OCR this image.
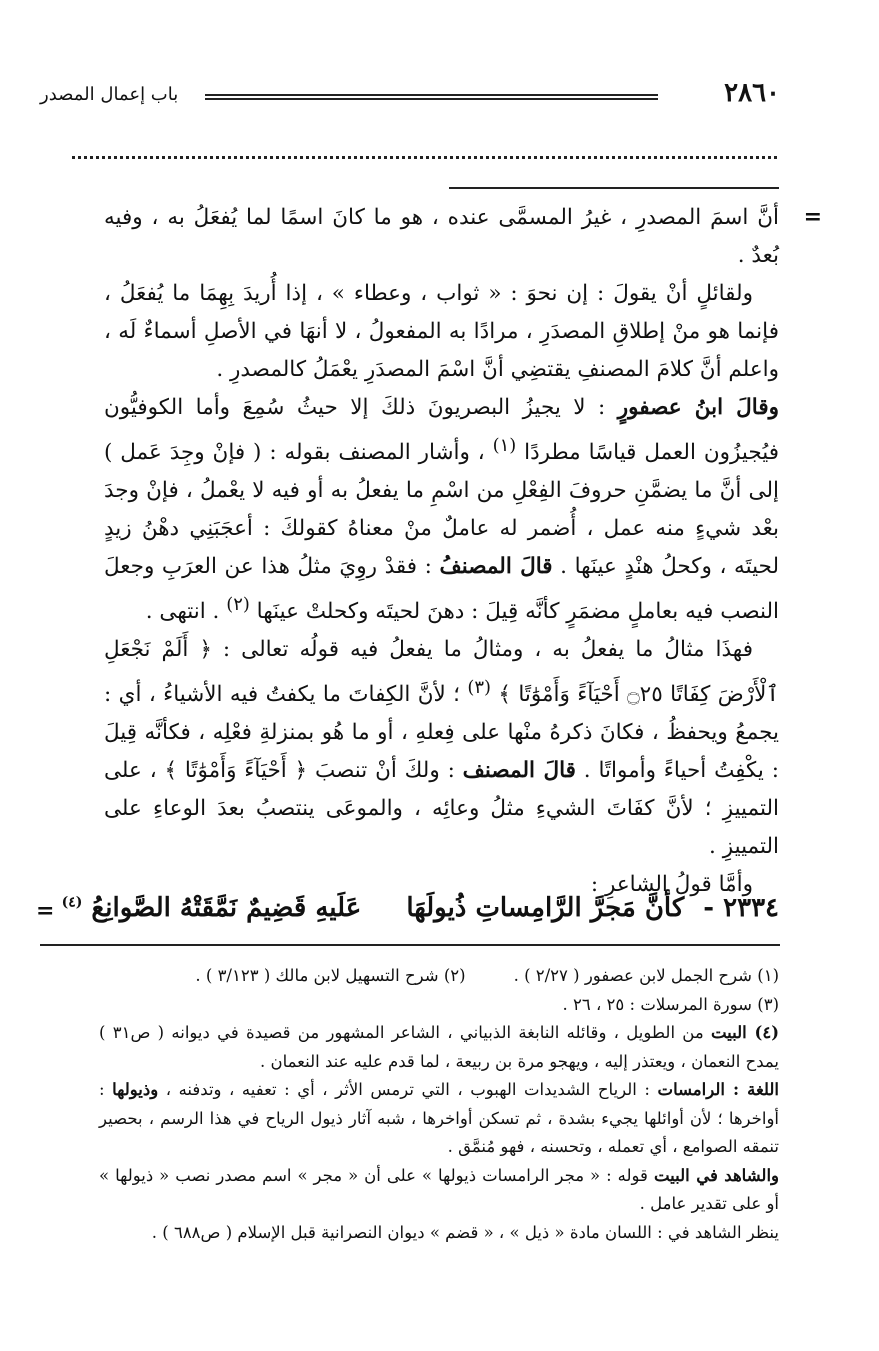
٢٨٦٠
باب إعمال المصدر
=

أنَّ اسمَ المصدرِ ، غيرُ المسمَّى عنده ، هو ما كانَ اسمًا لما يُفعَلُ به ، وفيه بُعدٌ .

ولقائلٍ أنْ يقولَ : إن نحوَ : « ثواب ، وعطاء » ، إذا أُريدَ بِهِمَا ما يُفعَلُ ، فإنما هو منْ إطلاقِ المصدَرِ ، مرادًا به المفعولُ ، لا أنهَا في الأصلِ أسماءٌ لَه ، واعلم أنَّ كلامَ المصنفِ يقتضِي أنَّ اسْمَ المصدَرِ يعْمَلُ كالمصدرِ .

وقالَ ابنُ عصفورٍ : لا يجيزُ البصريونَ ذلكَ إلا حيثُ سُمِعَ وأما الكوفيُّون فيُجيزُون العمل قياسًا مطردًا $^{(١)}$ ، وأشار المصنف بقوله : ( فإنْ وجِدَ عَمل ) إلى أنَّ ما يضمَّنِ حروفَ الفِعْلِ من اسْمِ ما يفعلُ به أو فيه لا يعْملُ ، فإنْ وجدَ بعْد شيءٍ منه عمل ، أُضمر له عاملٌ منْ معناهُ كقولكَ : أعجَبَنِي دهْنُ زيدٍ لحيتَه ، وكحلُ هنْدٍ عينَها . قالَ المصنفُ : فقدْ روِيَ مثلُ هذا عن العرَبِ وجعلَ النصب فيه بعاملٍ مضمَرٍ كأنَّه قِيلَ : دهنَ لحيتَه وكحلتْ عينَها $^{(٢)}$ . انتهى .

فهذَا مثالُ ما يفعلُ به ، ومثالُ ما يفعلُ فيه قولُه تعالى : ﴿ أَلَمْ نَجْعَلِ ٱلْأَرْضَ كِفَاتًا ۝٢٥ أَحْيَآءً وَأَمْوَٰتًا ﴾ $^{(٣)}$ ؛ لأنَّ الكِفاتَ ما يكفتُ فيه الأشياءُ ، أي : يجمعُ ويحفظُ ، فكانَ ذكرهُ منْها على فِعلهِ ، أو ما هُو بمنزلةِ فعْلِه ، فكأنَّه قِيلَ : يكْفِتُ أحياءً وأمواتًا . قالَ المصنف : ولكَ أنْ تنصبَ ﴿ أَحْيَآءً وَأَمْوَٰتًا ﴾ ، على التمييزِ ؛ لأنَّ كفَاتَ الشيءِ مثلُ وعائِه ، والموعَى ينتصبُ بعدَ الوعاءِ على التمييزِ .

وأمَّا قولُ الشاعرِ :

٢٣٣٤ - كأنَّ مَجرَّ الرَّامِساتِ ذُيولَهَا عَلَيهِ قَضِيمٌ نَمَّقَتْهُ الصَّوانِعُ $^{(٤)}$
=
(١) شرح الجمل لابن عصفور ( ٢/٢٧ ) .
(٢) شرح التسهيل لابن مالك ( ٣/١٢٣ ) .

(٣) سورة المرسلات : ٢٥ ، ٢٦ .

(٤) البيت من الطويل ، وقائله النابغة الذبياني ، الشاعر المشهور من قصيدة في ديوانه ( ص٣١ ) يمدح النعمان ، ويعتذر إليه ، ويهجو مرة بن ربيعة ، لما قدم عليه عند النعمان .

اللغة : الرامسات : الرياح الشديدات الهبوب ، التي ترمس الأثر ، أي : تعفيه ، وتدفنه ، وذيولها : أواخرها ؛ لأن أوائلها يجيء بشدة ، ثم تسكن أواخرها ، شبه آثار ذيول الرياح في هذا الرسم ، بحصير تنمقه الصوامع ، أي تعمله ، وتحسنه ، فهو مُنمَّق .

والشاهد في البيت قوله : « مجر الرامسات ذيولها » على أن « مجر » اسم مصدر نصب « ذيولها » أو على تقدير عامل .

ينظر الشاهد في : اللسان مادة « ذيل » ، « قضم » ديوان النصرانية قبل الإسلام ( ص٦٨٨ ) .
